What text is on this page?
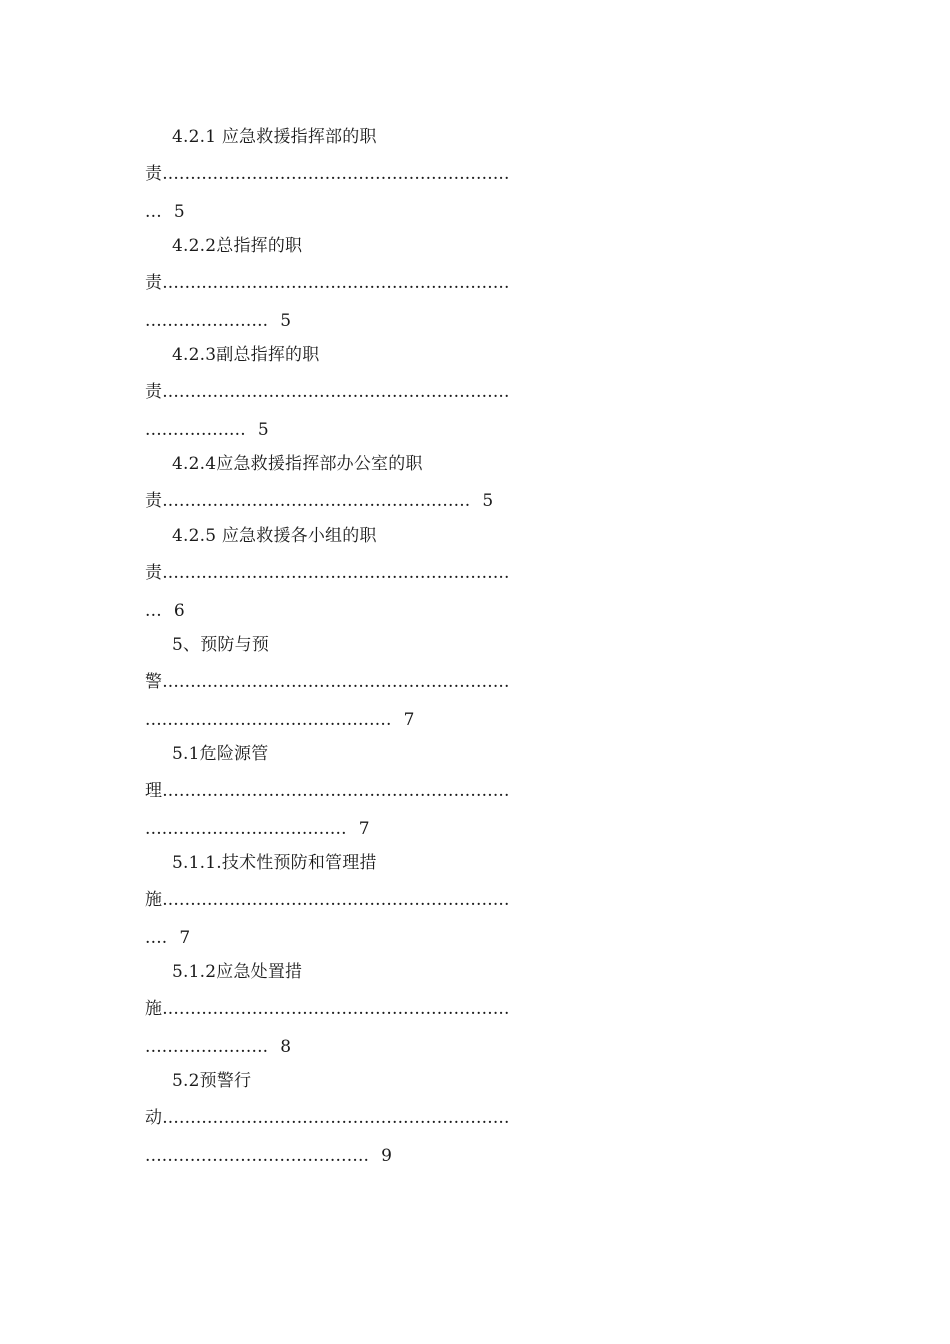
4.2.1 应急救援指挥部的职
责..............................................................
... 5
4.2.2总指挥的职
责..............................................................
...................... 5
4.2.3副总指挥的职
责..............................................................
.................. 5
4.2.4应急救援指挥部办公室的职
责....................................................... 5
4.2.5 应急救援各小组的职
责..............................................................
... 6
5、预防与预
警..............................................................
............................................ 7
5.1危险源管
理..............................................................
.................................... 7
5.1.1.技术性预防和管理措
施..............................................................
.... 7
5.1.2应急处置措
施..............................................................
...................... 8
5.2预警行
动..............................................................
........................................ 9
